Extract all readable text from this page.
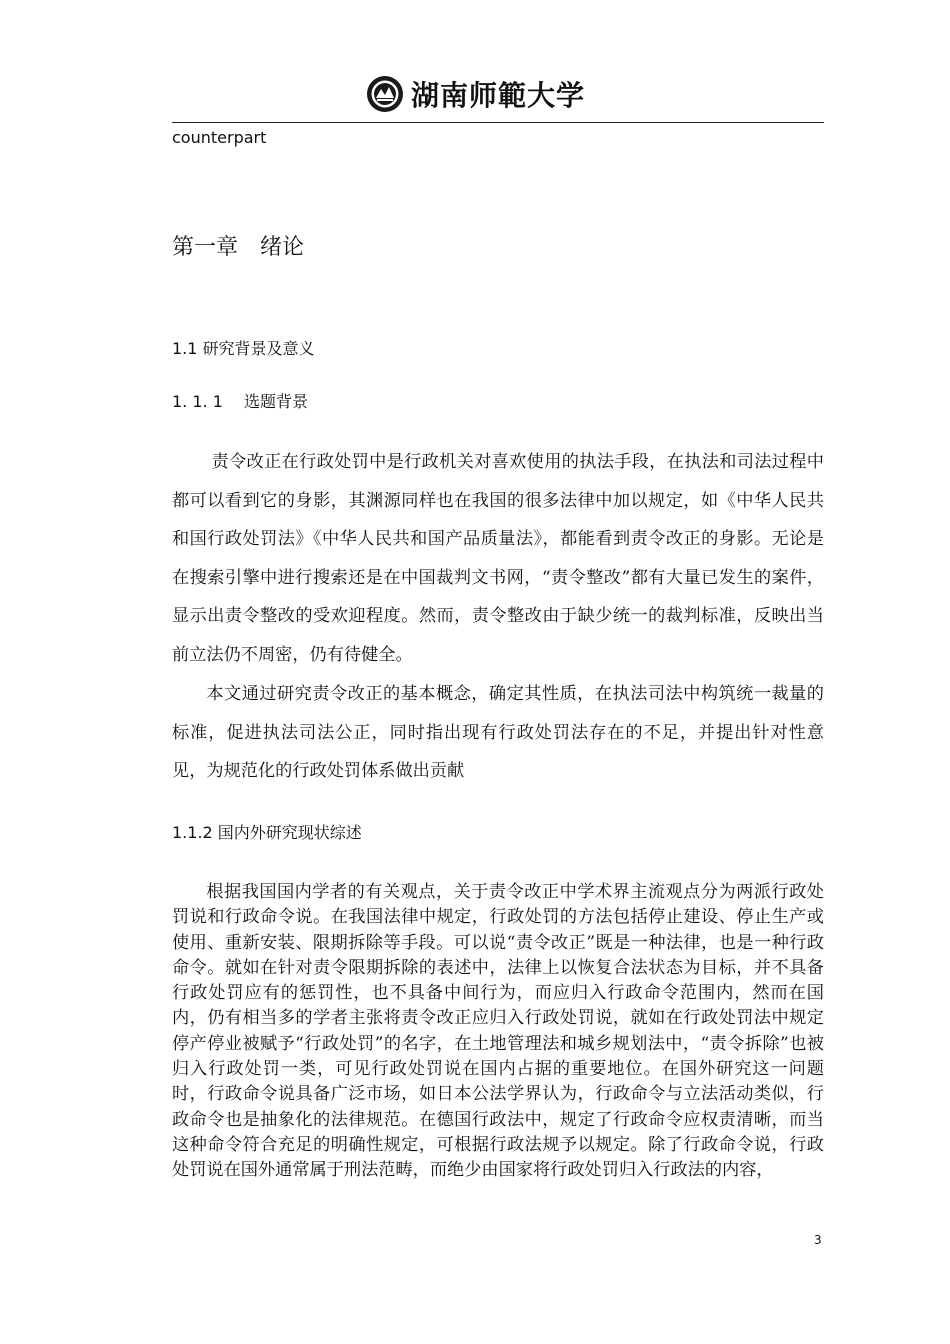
湖南师範大学
counterpart
第一章 绪论
1.1 研究背景及意义
1. 1. 1　 选题背景

责令改正在行政处罚中是行政机关对喜欢使用的执法手段，在执法和司法过程中都可以看到它的身影，其渊源同样也在我国的很多法律中加以规定，如《中华人民共和国行政处罚法》《中华人民共和国产品质量法》，都能看到责令改正的身影。无论是在搜索引擎中进行搜索还是在中国裁判文书网，“责令整改”都有大量已发生的案件，显示出责令整改的受欢迎程度。然而，责令整改由于缺少统一的裁判标准，反映出当前立法仍不周密，仍有待健全。

本文通过研究责令改正的基本概念，确定其性质，在执法司法中构筑统一裁量的标准，促进执法司法公正，同时指出现有行政处罚法存在的不足，并提出针对性意见，为规范化的行政处罚体系做出贡献

1.1.2 国内外研究现状综述

根据我国国内学者的有关观点，关于责令改正中学术界主流观点分为两派行政处罚说和行政命令说。在我国法律中规定，行政处罚的方法包括停止建设、停止生产或使用、重新安装、限期拆除等手段。可以说“责令改正”既是一种法律，也是一种行政命令。就如在针对责令限期拆除的表述中，法律上以恢复合法状态为目标，并不具备行政处罚应有的惩罚性，也不具备中间行为，而应归入行政命令范围内，然而在国内，仍有相当多的学者主张将责令改正应归入行政处罚说，就如在行政处罚法中规定停产停业被赋予“行政处罚”的名字，在土地管理法和城乡规划法中，“责令拆除”也被归入行政处罚一类，可见行政处罚说在国内占据的重要地位。在国外研究这一问题时，行政命令说具备广泛市场，如日本公法学界认为，行政命令与立法活动类似，行政命令也是抽象化的法律规范。在德国行政法中，规定了行政命令应权责清晰，而当这种命令符合充足的明确性规定，可根据行政法规予以规定。除了行政命令说，行政处罚说在国外通常属于刑法范畴，而绝少由国家将行政处罚归入行政法的内容，

3
